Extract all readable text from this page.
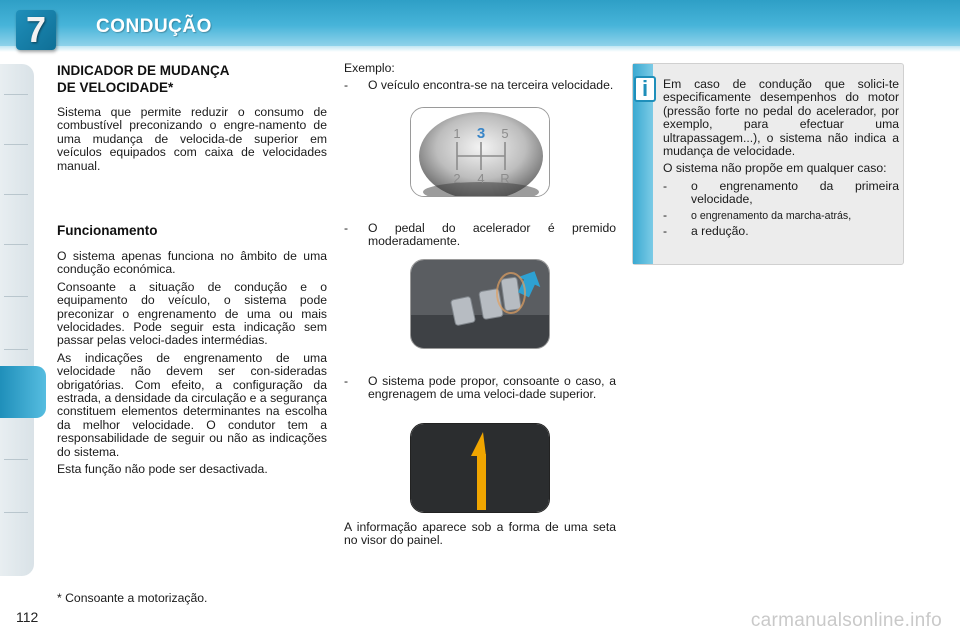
7	CONDUÇÃO
INDICADOR DE MUDANÇA
DE VELOCIDADE*
Sistema que permite reduzir o consumo de combustível preconizando o engre-namento de uma mudança de velocida-de superior em veículos equipados com caixa de velocidades manual.
Funcionamento
O sistema apenas funciona no âmbito de uma condução económica.
Consoante a situação de condução e o equipamento do veículo, o sistema pode preconizar o engrenamento de uma ou mais velocidades. Pode seguir esta indicação sem passar pelas veloci-dades intermédias.
As indicações de engrenamento de uma velocidade não devem ser con-sideradas obrigatórias. Com efeito, a configuração da estrada, a densidade da circulação e a segurança constituem elementos determinantes na escolha da melhor velocidade. O condutor tem a responsabilidade de seguir ou não as indicações do sistema.
Esta função não pode ser desactivada.
Exemplo:
- O veículo encontra-se na terceira velocidade.
1 3 5
2 4 R
- O pedal do acelerador é premido moderadamente.
- O sistema pode propor, consoante o caso, a engrenagem de uma veloci-dade superior.
A informação aparece sob a forma de uma seta no visor do painel.
i	Em caso de condução que solici-te especificamente desempenhos do motor (pressão forte no pedal do acelerador, por exemplo, para efectuar uma ultrapassagem...), o sistema não indica a mudança de velocidade.
O sistema não propõe em qualquer caso:
- o engrenamento da primeira velocidade,
- o engrenamento da marcha-atrás,
- a redução.
* Consoante a motorização.
112	carmanualsonline.info
